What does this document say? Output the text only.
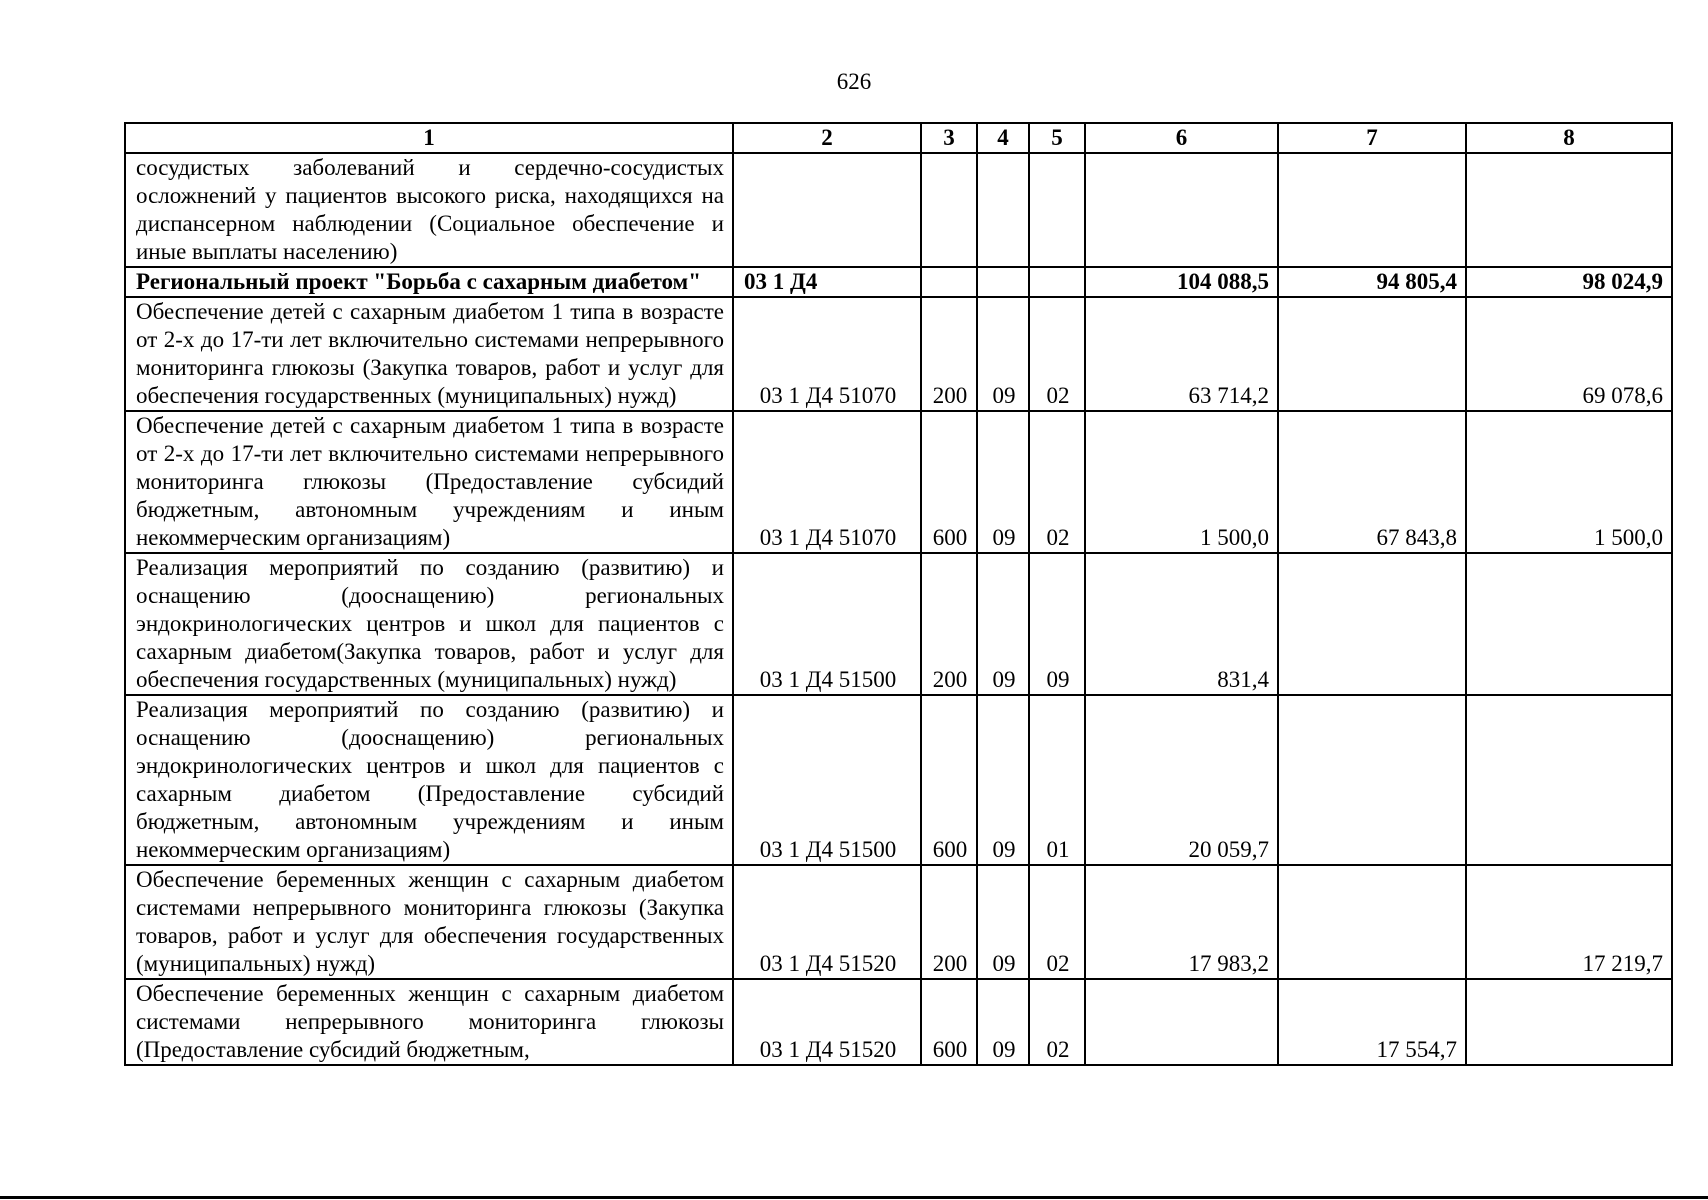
626
1	2	3	4	5	6	7	8
сосудистых заболеваний и сердечно-сосудистых осложнений у пациентов высокого риска, находящихся на диспансерном наблюдении (Социальное обеспечение и иные выплаты населению)							
Региональный проект "Борьба с сахарным диабетом"	03 1 Д4				104 088,5	94 805,4	98 024,9
Обеспечение детей с сахарным диабетом 1 типа в возрасте от 2-х до 17-ти лет включительно системами непрерывного мониторинга глюкозы (Закупка товаров, работ и услуг для обеспечения государственных (муниципальных) нужд)	03 1 Д4 51070	200	09	02	63 714,2		69 078,6
Обеспечение детей с сахарным диабетом 1 типа в возрасте от 2-х до 17-ти лет включительно системами непрерывного мониторинга глюкозы (Предоставление субсидий бюджетным, автономным учреждениям и иным некоммерческим организациям)	03 1 Д4 51070	600	09	02	1 500,0	67 843,8	1 500,0
Реализация мероприятий по созданию (развитию) и оснащению (дооснащению) региональных эндокринологических центров и школ для пациентов с сахарным диабетом(Закупка товаров, работ и услуг для обеспечения государственных (муниципальных) нужд)	03 1 Д4 51500	200	09	09	831,4		
Реализация мероприятий по созданию (развитию) и оснащению (дооснащению) региональных эндокринологических центров и школ для пациентов с сахарным диабетом (Предоставление субсидий бюджетным, автономным учреждениям и иным некоммерческим организациям)	03 1 Д4 51500	600	09	01	20 059,7		
Обеспечение беременных женщин с сахарным диабетом системами непрерывного мониторинга глюкозы (Закупка товаров, работ и услуг для обеспечения государственных (муниципальных) нужд)	03 1 Д4 51520	200	09	02	17 983,2		17 219,7
Обеспечение беременных женщин с сахарным диабетом системами непрерывного мониторинга глюкозы (Предоставление субсидий бюджетным,	03 1 Д4 51520	600	09	02		17 554,7	
